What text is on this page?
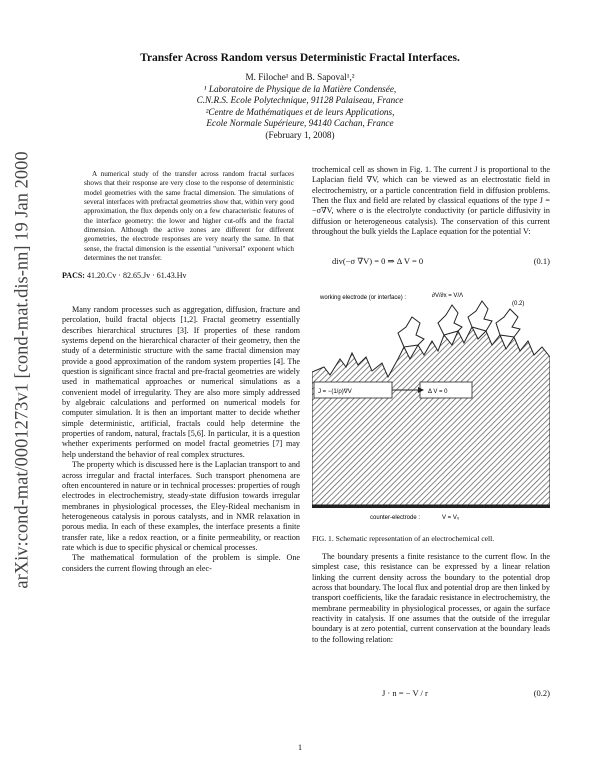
arXiv:cond-mat/0001273v1 [cond-mat.dis-nn] 19 Jan 2000
Transfer Across Random versus Deterministic Fractal Interfaces.
M. Filoche¹ and B. Sapoval¹,²
¹ Laboratoire de Physique de la Matière Condensée,
C.N.R.S. Ecole Polytechnique, 91128 Palaiseau, France
²Centre de Mathématiques et de leurs Applications,
Ecole Normale Supérieure, 94140 Cachan, France
(February 1, 2008)
A numerical study of the transfer across random fractal surfaces shows that their response are very close to the response of deterministic model geometries with the same fractal dimension. The simulations of several interfaces with prefractal geometries show that, within very good approximation, the flux depends only on a few characteristic features of the interface geometry: the lower and higher cut-offs and the fractal dimension. Although the active zones are different for different geometries, the electrode responses are very nearly the same. In that sense, the fractal dimension is the essential "universal" exponent which determines the net transfer.
PACS: 41.20.Cv · 82.65.Jv · 61.43.Hv

Many random processes such as aggregation, diffusion, fracture and percolation, build fractal objects [1,2]. Fractal geometry essentially describes hierarchical structures [3]. If properties of these random systems depend on the hierarchical character of their geometry, then the study of a deterministic structure with the same fractal dimension may provide a good approximation of the random system properties [4]. The question is significant since fractal and pre-fractal geometries are widely used in mathematical approaches or numerical simulations as a convenient model of irregularity. They are also more simply addressed by algebraic calculations and performed on numerical models for computer simulation. It is then an important matter to decide whether simple deterministic, artificial, fractals could help determine the properties of random, natural, fractals [5,6]. In particular, it is a question whether experiments performed on model fractal geometries [7] may help understand the behavior of real complex structures.

The property which is discussed here is the Laplacian transport to and across irregular and fractal interfaces. Such transport phenomena are often encountered in nature or in technical processes: properties of rough electrodes in electrochemistry, steady-state diffusion towards irregular membranes in physiological processes, the Eley-Rideal mechanism in heterogeneous catalysis in porous catalysts, and in NMR relaxation in porous media. In each of these examples, the interface presents a finite transfer rate, like a redox reaction, or a finite permeability, or reaction rate which is due to specific physical or chemical processes.

The mathematical formulation of the problem is simple. One considers the current flowing through an elec-

trochemical cell as shown in Fig. 1. The current J is proportional to the Laplacian field ∇V, which can be viewed as an electrostatic field in electrochemistry, or a particle concentration field in diffusion problems. Then the flux and field are related by classical equations of the type J = −σ∇V, where σ is the electrolyte conductivity (or particle diffusivity in diffusion or heterogeneous catalysis). The conservation of this current throughout the bulk yields the Laplace equation for the potential V:

div(−σ ∇V) = 0 ⇒ Δ V = 0	(0.1)
working electrode (or interface) :	∂V/∂x = V/Λ
(0.2)
J = −(1/ρ)∇V	Δ V = 0
counter-electrode :	V = V₀
FIG. 1. Schematic representation of an electrochemical cell.

The boundary presents a finite resistance to the current flow. In the simplest case, this resistance can be expressed by a linear relation linking the current density across the boundary to the potential drop across that boundary. The local flux and potential drop are then linked by transport coefficients, like the faradaic resistance in electrochemistry, the membrane permeability in physiological processes, or again the surface reactivity in catalysis. If one assumes that the outside of the irregular boundary is at zero potential, current conservation at the boundary leads to the following relation:

J · n = − V / r	(0.2)
1
